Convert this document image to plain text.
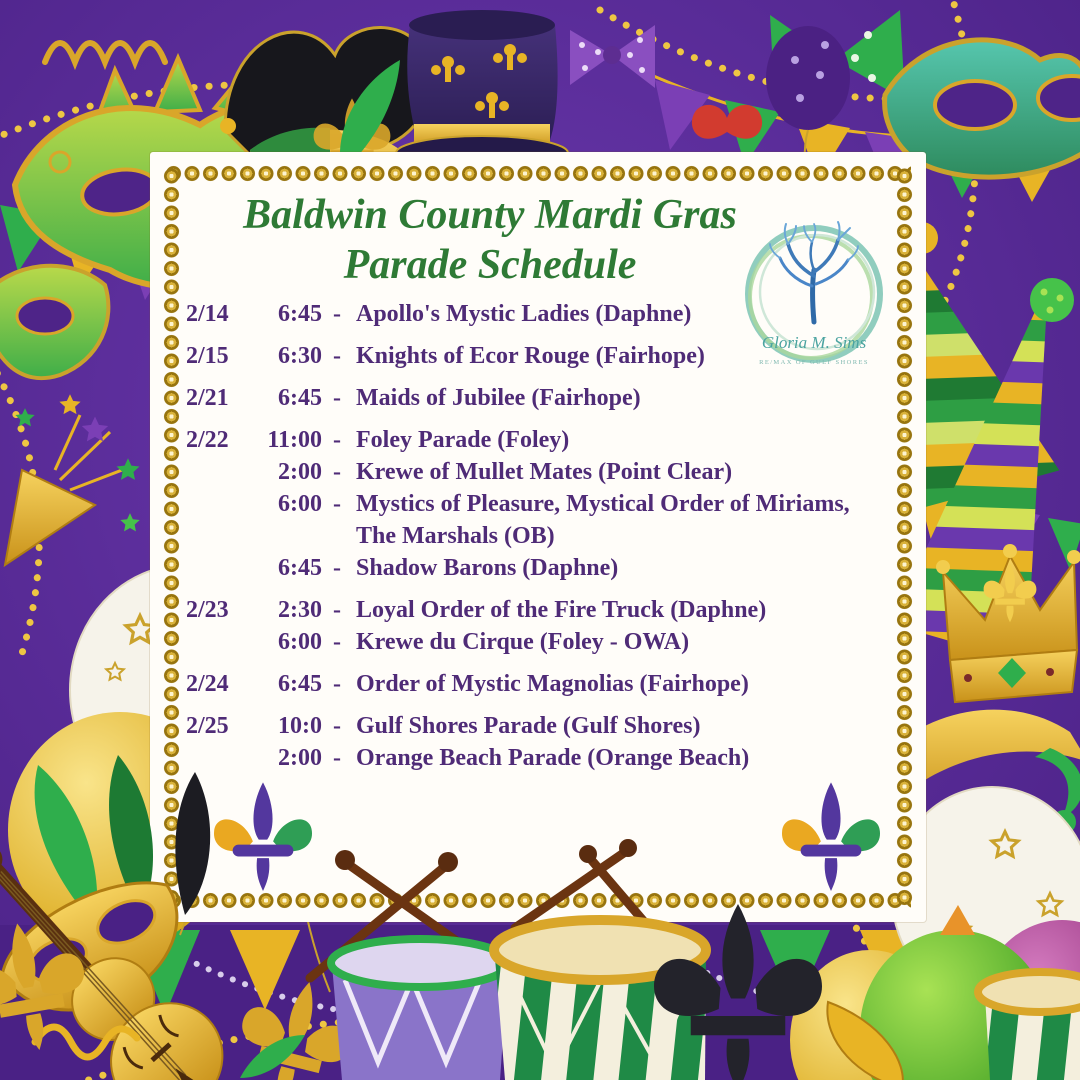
Baldwin County Mardi Gras
Parade Schedule
Gloria M. Sims
RE/MAX OF GULF SHORES
2/14	6:45 - Apollo's Mystic Ladies (Daphne)
2/15	6:30 - Knights of Ecor Rouge (Fairhope)
2/21	6:45 - Maids of Jubilee (Fairhope)
2/22	11:00 - Foley Parade (Foley)
2:00 - Krewe of Mullet Mates (Point Clear)
6:00 - Mystics of Pleasure, Mystical Order of Miriams,
The Marshals (OB)
6:45 - Shadow Barons (Daphne)
2/23	2:30 - Loyal Order of the Fire Truck (Daphne)
6:00 - Krewe du Cirque (Foley - OWA)
2/24	6:45 - Order of Mystic Magnolias (Fairhope)
2/25	10:0 - Gulf Shores Parade (Gulf Shores)
2:00 - Orange Beach Parade (Orange Beach)
